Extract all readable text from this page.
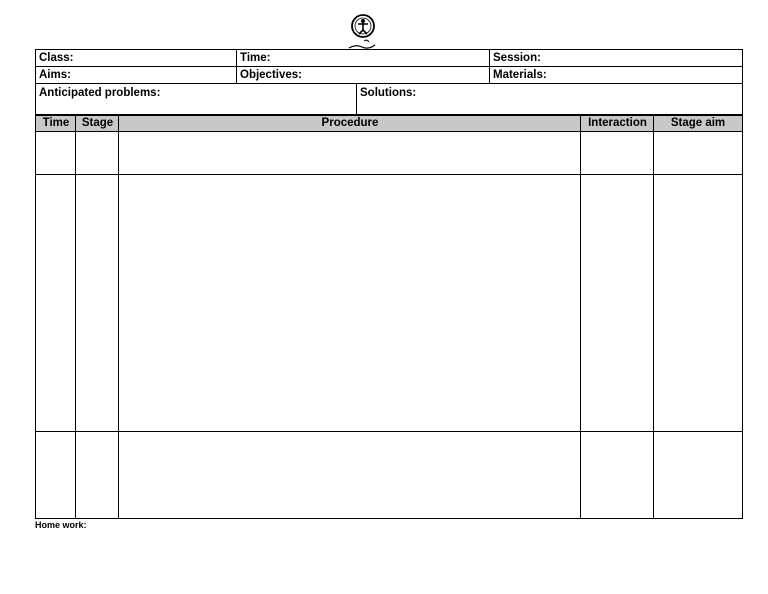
Class:	Time:	Session:
Aims:	Objectives:	Materials:
Anticipated problems:	Solutions:
Time	Stage	Procedure	Interaction	Stage aim
Home work:
